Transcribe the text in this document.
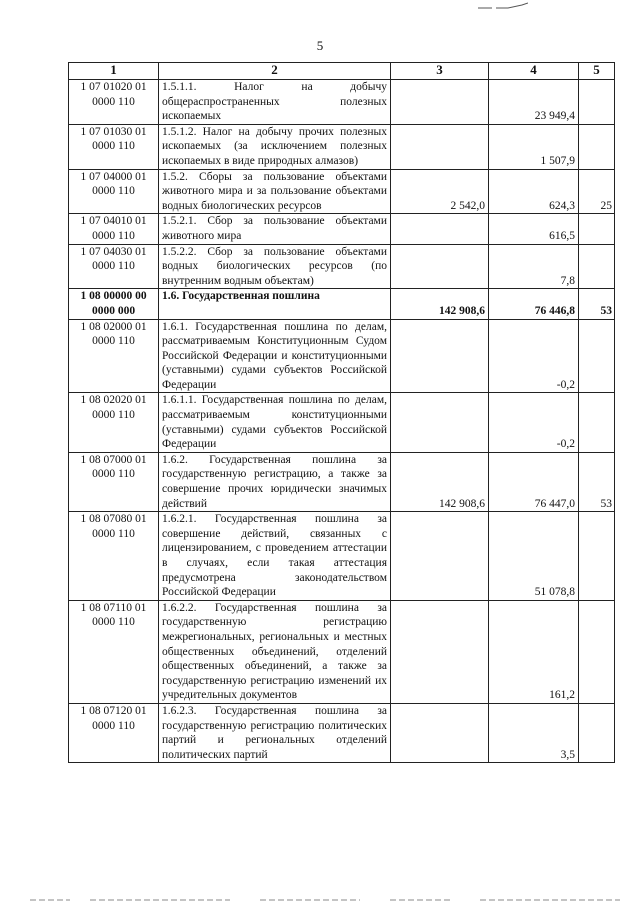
5
1	2	3	4	5
1 07 01020 01
0000 110	1.5.1.1. Налог на добычу общераспространенных полезных ископаемых		23 949,4	
1 07 01030 01
0000 110	1.5.1.2. Налог на добычу прочих полезных ископаемых (за исключением полезных ископаемых в виде природных алмазов)		1 507,9	
1 07 04000 01
0000 110	1.5.2. Сборы за пользование объектами животного мира и за пользование объектами водных биологических ресурсов	2 542,0	624,3	25
1 07 04010 01
0000 110	1.5.2.1. Сбор за пользование объектами животного мира		616,5	
1 07 04030 01
0000 110	1.5.2.2. Сбор за пользование объектами водных биологических ресурсов (по внутренним водным объектам)		7,8	
1 08 00000 00
0000 000	1.6. Государственная пошлина	142 908,6	76 446,8	53
1 08 02000 01
0000 110	1.6.1. Государственная пошлина по делам, рассматриваемым Конституционным Судом Российской Федерации и конституционными (уставными) судами субъектов Российской Федерации		-0,2	
1 08 02020 01
0000 110	1.6.1.1. Государственная пошлина по делам, рассматриваемым конституционными (уставными) судами субъектов Российской Федерации		-0,2	
1 08 07000 01
0000 110	1.6.2. Государственная пошлина за государственную регистрацию, а также за совершение прочих юридически значимых действий	142 908,6	76 447,0	53
1 08 07080 01
0000 110	1.6.2.1. Государственная пошлина за совершение действий, связанных с лицензированием, с проведением аттестации в случаях, если такая аттестация предусмотрена законодательством Российской Федерации		51 078,8	
1 08 07110 01
0000 110	1.6.2.2. Государственная пошлина за государственную регистрацию межрегиональных, региональных и местных общественных объединений, отделений общественных объединений, а также за государственную регистрацию изменений их учредительных документов		161,2	
1 08 07120 01
0000 110	1.6.2.3. Государственная пошлина за государственную регистрацию политических партий и региональных отделений политических партий		3,5	
